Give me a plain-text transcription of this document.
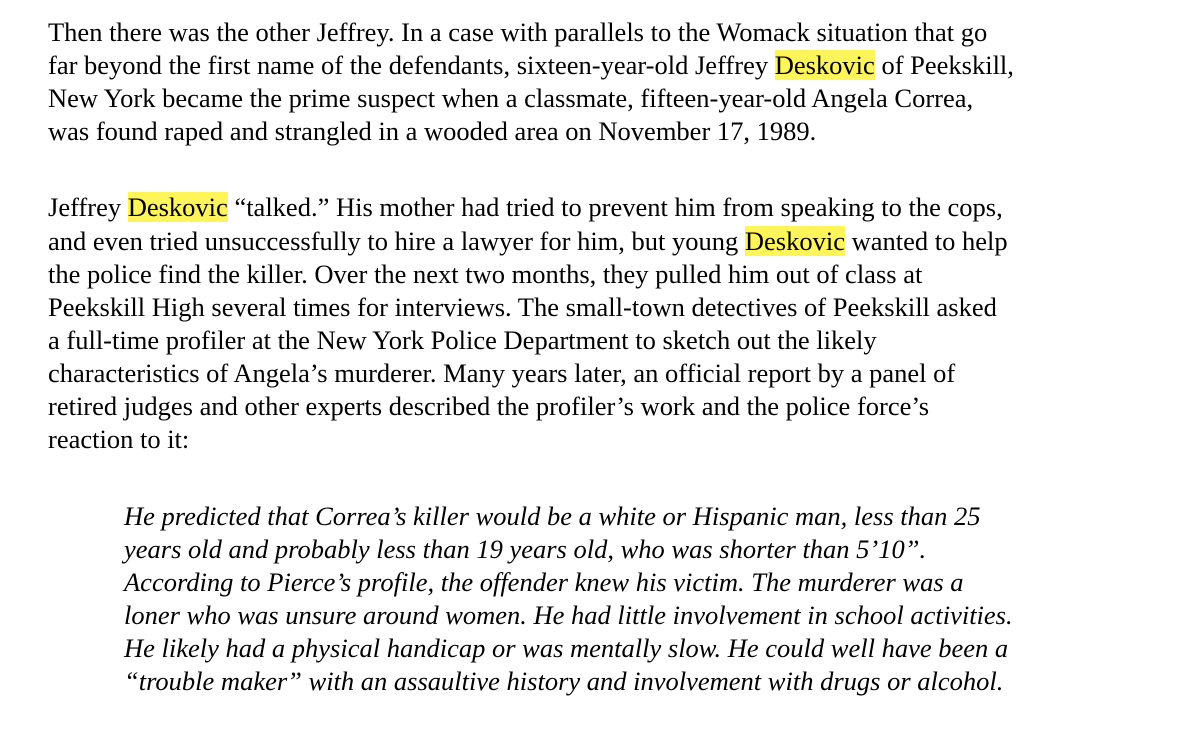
Then there was the other Jeffrey. In a case with parallels to the Womack situation that go
far beyond the first name of the defendants, sixteen-year-old Jeffrey Deskovic of Peekskill,
New York became the prime suspect when a classmate, fifteen-year-old Angela Correa,
was found raped and strangled in a wooded area on November 17, 1989.
Jeffrey Deskovic “talked.” His mother had tried to prevent him from speaking to the cops,
and even tried unsuccessfully to hire a lawyer for him, but young Deskovic wanted to help
the police find the killer. Over the next two months, they pulled him out of class at
Peekskill High several times for interviews. The small-town detectives of Peekskill asked
a full-time profiler at the New York Police Department to sketch out the likely
characteristics of Angela’s murderer. Many years later, an official report by a panel of
retired judges and other experts described the profiler’s work and the police force’s
reaction to it:
He predicted that Correa’s killer would be a white or Hispanic man, less than 25
years old and probably less than 19 years old, who was shorter than 5’10”.
According to Pierce’s profile, the offender knew his victim. The murderer was a
loner who was unsure around women. He had little involvement in school activities.
He likely had a physical handicap or was mentally slow. He could well have been a
“trouble maker” with an assaultive history and involvement with drugs or alcohol.
